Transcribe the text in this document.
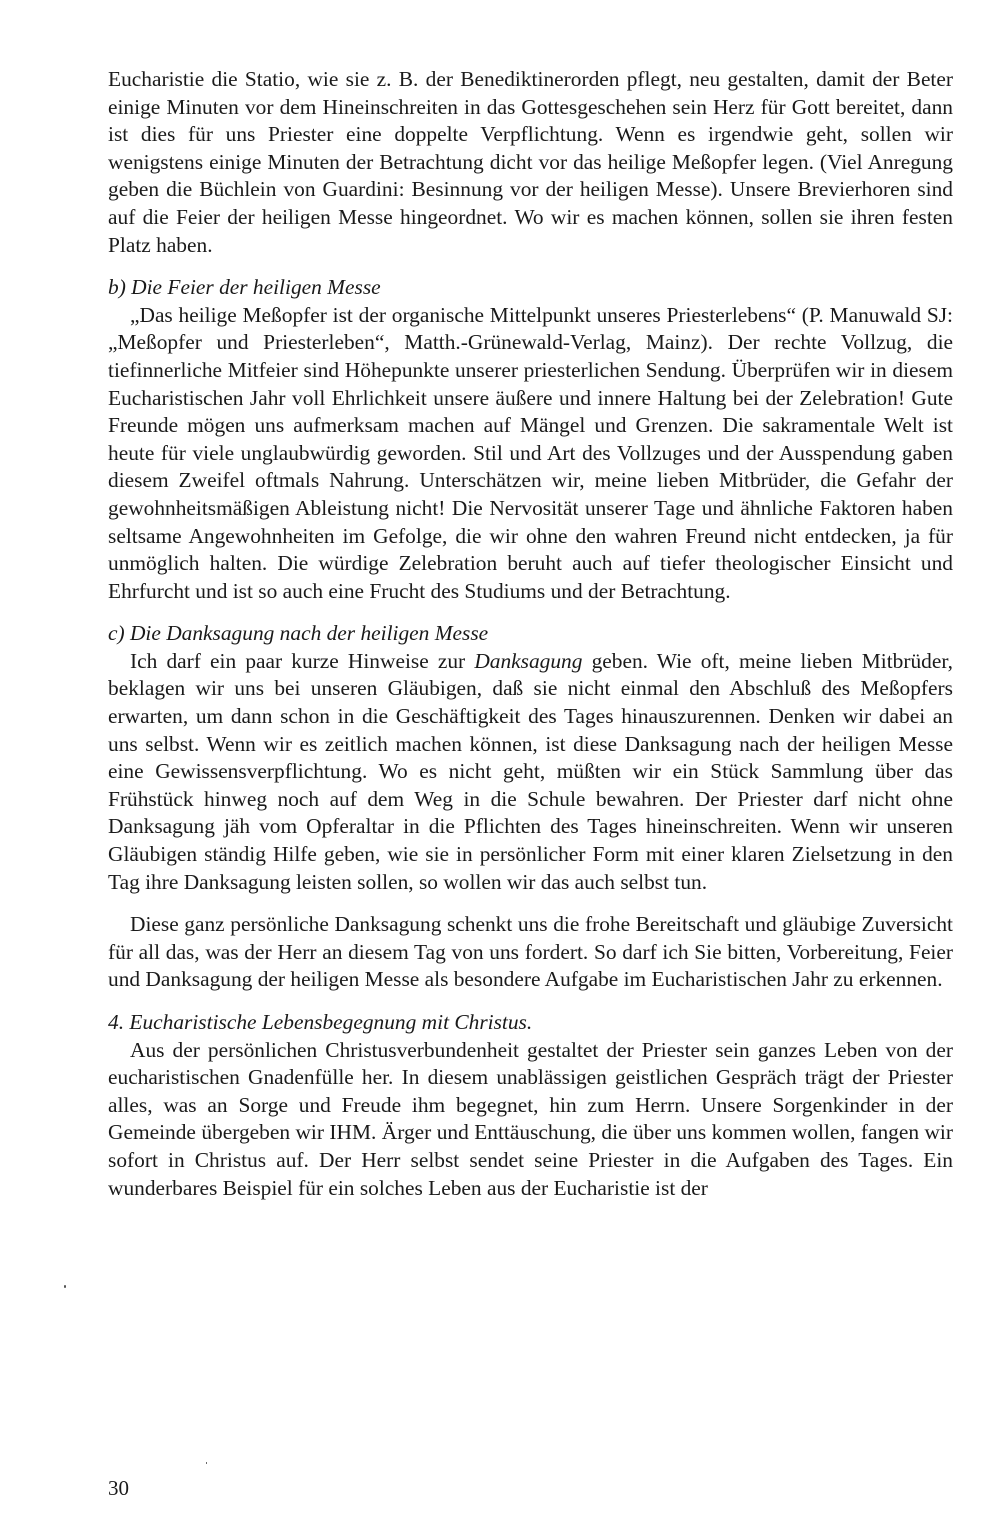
Eucharistie die Statio, wie sie z. B. der Benediktinerorden pflegt, neu gestalten, damit der Beter einige Minuten vor dem Hineinschreiten in das Gottesgeschehen sein Herz für Gott bereitet, dann ist dies für uns Priester eine doppelte Verpflichtung. Wenn es irgendwie geht, sollen wir wenigstens einige Minuten der Betrachtung dicht vor das heilige Meßopfer legen. (Viel Anregung geben die Büchlein von Guardini: Besinnung vor der heiligen Messe). Unsere Brevierhoren sind auf die Feier der heiligen Messe hingeordnet. Wo wir es machen können, sollen sie ihren festen Platz haben.

b) Die Feier der heiligen Messe

„Das heilige Meßopfer ist der organische Mittelpunkt unseres Priesterlebens“ (P. Manuwald SJ: „Meßopfer und Priesterleben“, Matth.-Grünewald-Verlag, Mainz). Der rechte Vollzug, die tiefinnerliche Mitfeier sind Höhepunkte unserer priesterlichen Sendung. Überprüfen wir in diesem Eucharistischen Jahr voll Ehrlichkeit unsere äußere und innere Haltung bei der Zelebration! Gute Freunde mögen uns aufmerksam machen auf Mängel und Grenzen. Die sakramentale Welt ist heute für viele unglaubwürdig geworden. Stil und Art des Vollzuges und der Ausspendung gaben diesem Zweifel oftmals Nahrung. Unterschätzen wir, meine lieben Mitbrüder, die Gefahr der gewohnheitsmäßigen Ableistung nicht! Die Nervosität unserer Tage und ähnliche Faktoren haben seltsame Angewohnheiten im Gefolge, die wir ohne den wahren Freund nicht entdecken, ja für unmöglich halten. Die würdige Zelebration beruht auch auf tiefer theologischer Einsicht und Ehrfurcht und ist so auch eine Frucht des Studiums und der Betrachtung.

c) Die Danksagung nach der heiligen Messe

Ich darf ein paar kurze Hinweise zur Danksagung geben. Wie oft, meine lieben Mitbrüder, beklagen wir uns bei unseren Gläubigen, daß sie nicht einmal den Abschluß des Meßopfers erwarten, um dann schon in die Geschäftigkeit des Tages hinauszurennen. Denken wir dabei an uns selbst. Wenn wir es zeitlich machen können, ist diese Danksagung nach der heiligen Messe eine Gewissensverpflichtung. Wo es nicht geht, müßten wir ein Stück Sammlung über das Frühstück hinweg noch auf dem Weg in die Schule bewahren. Der Priester darf nicht ohne Danksagung jäh vom Opferaltar in die Pflichten des Tages hineinschreiten. Wenn wir unseren Gläubigen ständig Hilfe geben, wie sie in persönlicher Form mit einer klaren Zielsetzung in den Tag ihre Danksagung leisten sollen, so wollen wir das auch selbst tun.

Diese ganz persönliche Danksagung schenkt uns die frohe Bereitschaft und gläubige Zuversicht für all das, was der Herr an diesem Tag von uns fordert. So darf ich Sie bitten, Vorbereitung, Feier und Danksagung der heiligen Messe als besondere Aufgabe im Eucharistischen Jahr zu erkennen.

4. Eucharistische Lebensbegegnung mit Christus.

Aus der persönlichen Christusverbundenheit gestaltet der Priester sein ganzes Leben von der eucharistischen Gnadenfülle her. In diesem unablässigen geistlichen Gespräch trägt der Priester alles, was an Sorge und Freude ihm begegnet, hin zum Herrn. Unsere Sorgenkinder in der Gemeinde übergeben wir IHM. Ärger und Enttäuschung, die über uns kommen wollen, fangen wir sofort in Christus auf. Der Herr selbst sendet seine Priester in die Aufgaben des Tages. Ein wunderbares Beispiel für ein solches Leben aus der Eucharistie ist der

30
